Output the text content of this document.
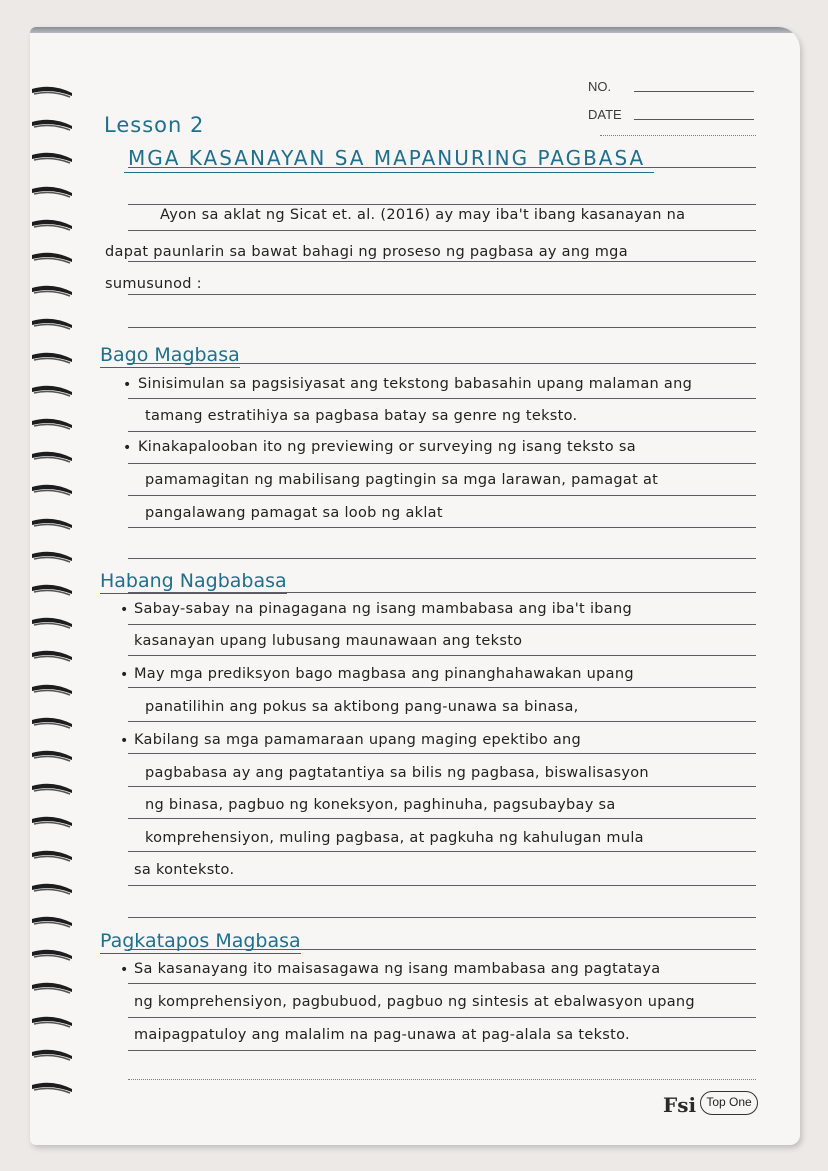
NO.
DATE
Lesson 2
MGA KASANAYAN SA MAPANURING PAGBASA
Ayon sa aklat ng Sicat et. al. (2016) ay may iba't ibang kasanayan na
dapat paunlarin sa bawat bahagi ng proseso ng pagbasa ay ang mga
sumusunod :
Bago Magbasa
• Sinisimulan sa pagsisiyasat ang tekstong babasahin upang malaman ang
tamang estratihiya sa pagbasa batay sa genre ng teksto.
• Kinakapalooban ito ng previewing or surveying ng isang teksto sa
pamamagitan ng mabilisang pagtingin sa mga larawan, pamagat at
pangalawang pamagat sa loob ng aklat
Habang Nagbabasa
• Sabay-sabay na pinagagana ng isang mambabasa ang iba't ibang
kasanayan upang lubusang maunawaan ang teksto
• May mga prediksyon bago magbasa ang pinanghahawakan upang
panatilihin ang pokus sa aktibong pang-unawa sa binasa,
• Kabilang sa mga pamamaraan upang maging epektibo ang
pagbabasa ay ang pagtatantiya sa bilis ng pagbasa, biswalisasyon
ng binasa, pagbuo ng koneksyon, paghinuha, pagsubaybay sa
komprehensiyon, muling pagbasa, at pagkuha ng kahulugan mula
sa konteksto.
Pagkatapos Magbasa
• Sa kasanayang ito maisasagawa ng isang mambabasa ang pagtataya
ng komprehensiyon, pagbubuod, pagbuo ng sintesis at ebalwasyon upang
maipagpatuloy ang malalim na pag-unawa at pag-alala sa teksto.
Fsi Top One
